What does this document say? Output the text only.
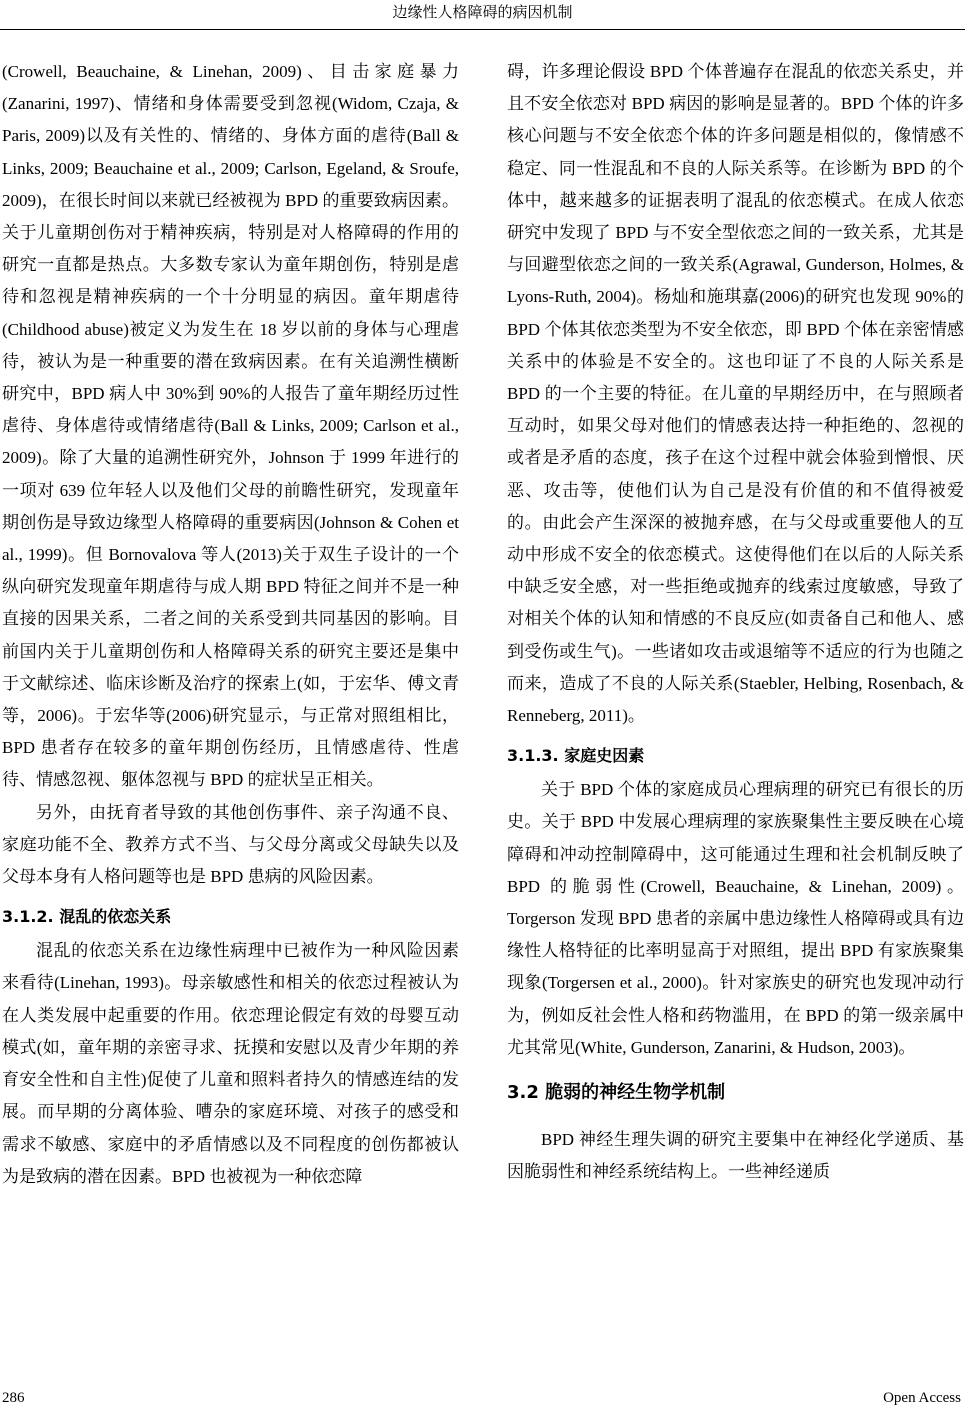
边缘性人格障碍的病因机制

(Crowell, Beauchaine, & Linehan, 2009)、目击家庭暴力(Zanarini, 1997)、情绪和身体需要受到忽视(Widom, Czaja, & Paris, 2009)以及有关性的、情绪的、身体方面的虐待(Ball & Links, 2009; Beauchaine et al., 2009; Carlson, Egeland, & Sroufe, 2009)，在很长时间以来就已经被视为 BPD 的重要致病因素。关于儿童期创伤对于精神疾病，特别是对人格障碍的作用的研究一直都是热点。大多数专家认为童年期创伤，特别是虐待和忽视是精神疾病的一个十分明显的病因。童年期虐待(Childhood abuse)被定义为发生在 18 岁以前的身体与心理虐待，被认为是一种重要的潜在致病因素。在有关追溯性横断研究中，BPD 病人中 30%到 90%的人报告了童年期经历过性虐待、身体虐待或情绪虐待(Ball & Links, 2009; Carlson et al., 2009)。除了大量的追溯性研究外，Johnson 于 1999 年进行的一项对 639 位年轻人以及他们父母的前瞻性研究，发现童年期创伤是导致边缘型人格障碍的重要病因(Johnson & Cohen et al., 1999)。但 Bornovalova 等人(2013)关于双生子设计的一个纵向研究发现童年期虐待与成人期 BPD 特征之间并不是一种直接的因果关系，二者之间的关系受到共同基因的影响。目前国内关于儿童期创伤和人格障碍关系的研究主要还是集中于文献综述、临床诊断及治疗的探索上(如，于宏华、傅文青等，2006)。于宏华等(2006)研究显示，与正常对照组相比，BPD 患者存在较多的童年期创伤经历，且情感虐待、性虐待、情感忽视、躯体忽视与 BPD 的症状呈正相关。

另外，由抚育者导致的其他创伤事件、亲子沟通不良、家庭功能不全、教养方式不当、与父母分离或父母缺失以及父母本身有人格问题等也是 BPD 患病的风险因素。

3.1.2. 混乱的依恋关系

混乱的依恋关系在边缘性病理中已被作为一种风险因素来看待(Linehan, 1993)。母亲敏感性和相关的依恋过程被认为在人类发展中起重要的作用。依恋理论假定有效的母婴互动模式(如，童年期的亲密寻求、抚摸和安慰以及青少年期的养育安全性和自主性)促使了儿童和照料者持久的情感连结的发展。而早期的分离体验、嘈杂的家庭环境、对孩子的感受和需求不敏感、家庭中的矛盾情感以及不同程度的创伤都被认为是致病的潜在因素。BPD 也被视为一种依恋障

碍，许多理论假设 BPD 个体普遍存在混乱的依恋关系史，并且不安全依恋对 BPD 病因的影响是显著的。BPD 个体的许多核心问题与不安全依恋个体的许多问题是相似的，像情感不稳定、同一性混乱和不良的人际关系等。在诊断为 BPD 的个体中，越来越多的证据表明了混乱的依恋模式。在成人依恋研究中发现了 BPD 与不安全型依恋之间的一致关系，尤其是与回避型依恋之间的一致关系(Agrawal, Gunderson, Holmes, & Lyons-Ruth, 2004)。杨灿和施琪嘉(2006)的研究也发现 90%的 BPD 个体其依恋类型为不安全依恋，即 BPD 个体在亲密情感关系中的体验是不安全的。这也印证了不良的人际关系是 BPD 的一个主要的特征。在儿童的早期经历中，在与照顾者互动时，如果父母对他们的情感表达持一种拒绝的、忽视的或者是矛盾的态度，孩子在这个过程中就会体验到憎恨、厌恶、攻击等，使他们认为自己是没有价值的和不值得被爱的。由此会产生深深的被抛弃感，在与父母或重要他人的互动中形成不安全的依恋模式。这使得他们在以后的人际关系中缺乏安全感，对一些拒绝或抛弃的线索过度敏感，导致了对相关个体的认知和情感的不良反应(如责备自己和他人、感到受伤或生气)。一些诸如攻击或退缩等不适应的行为也随之而来，造成了不良的人际关系(Staebler, Helbing, Rosenbach, & Renneberg, 2011)。

3.1.3. 家庭史因素

关于 BPD 个体的家庭成员心理病理的研究已有很长的历史。关于 BPD 中发展心理病理的家族聚集性主要反映在心境障碍和冲动控制障碍中，这可能通过生理和社会机制反映了 BPD 的脆弱性(Crowell, Beauchaine, & Linehan, 2009)。Torgerson 发现 BPD 患者的亲属中患边缘性人格障碍或具有边缘性人格特征的比率明显高于对照组，提出 BPD 有家族聚集现象(Torgersen et al., 2000)。针对家族史的研究也发现冲动行为，例如反社会性人格和药物滥用，在 BPD 的第一级亲属中尤其常见(White, Gunderson, Zanarini, & Hudson, 2003)。

3.2 脆弱的神经生物学机制

BPD 神经生理失调的研究主要集中在神经化学递质、基因脆弱性和神经系统结构上。一些神经递质

286	Open Access
